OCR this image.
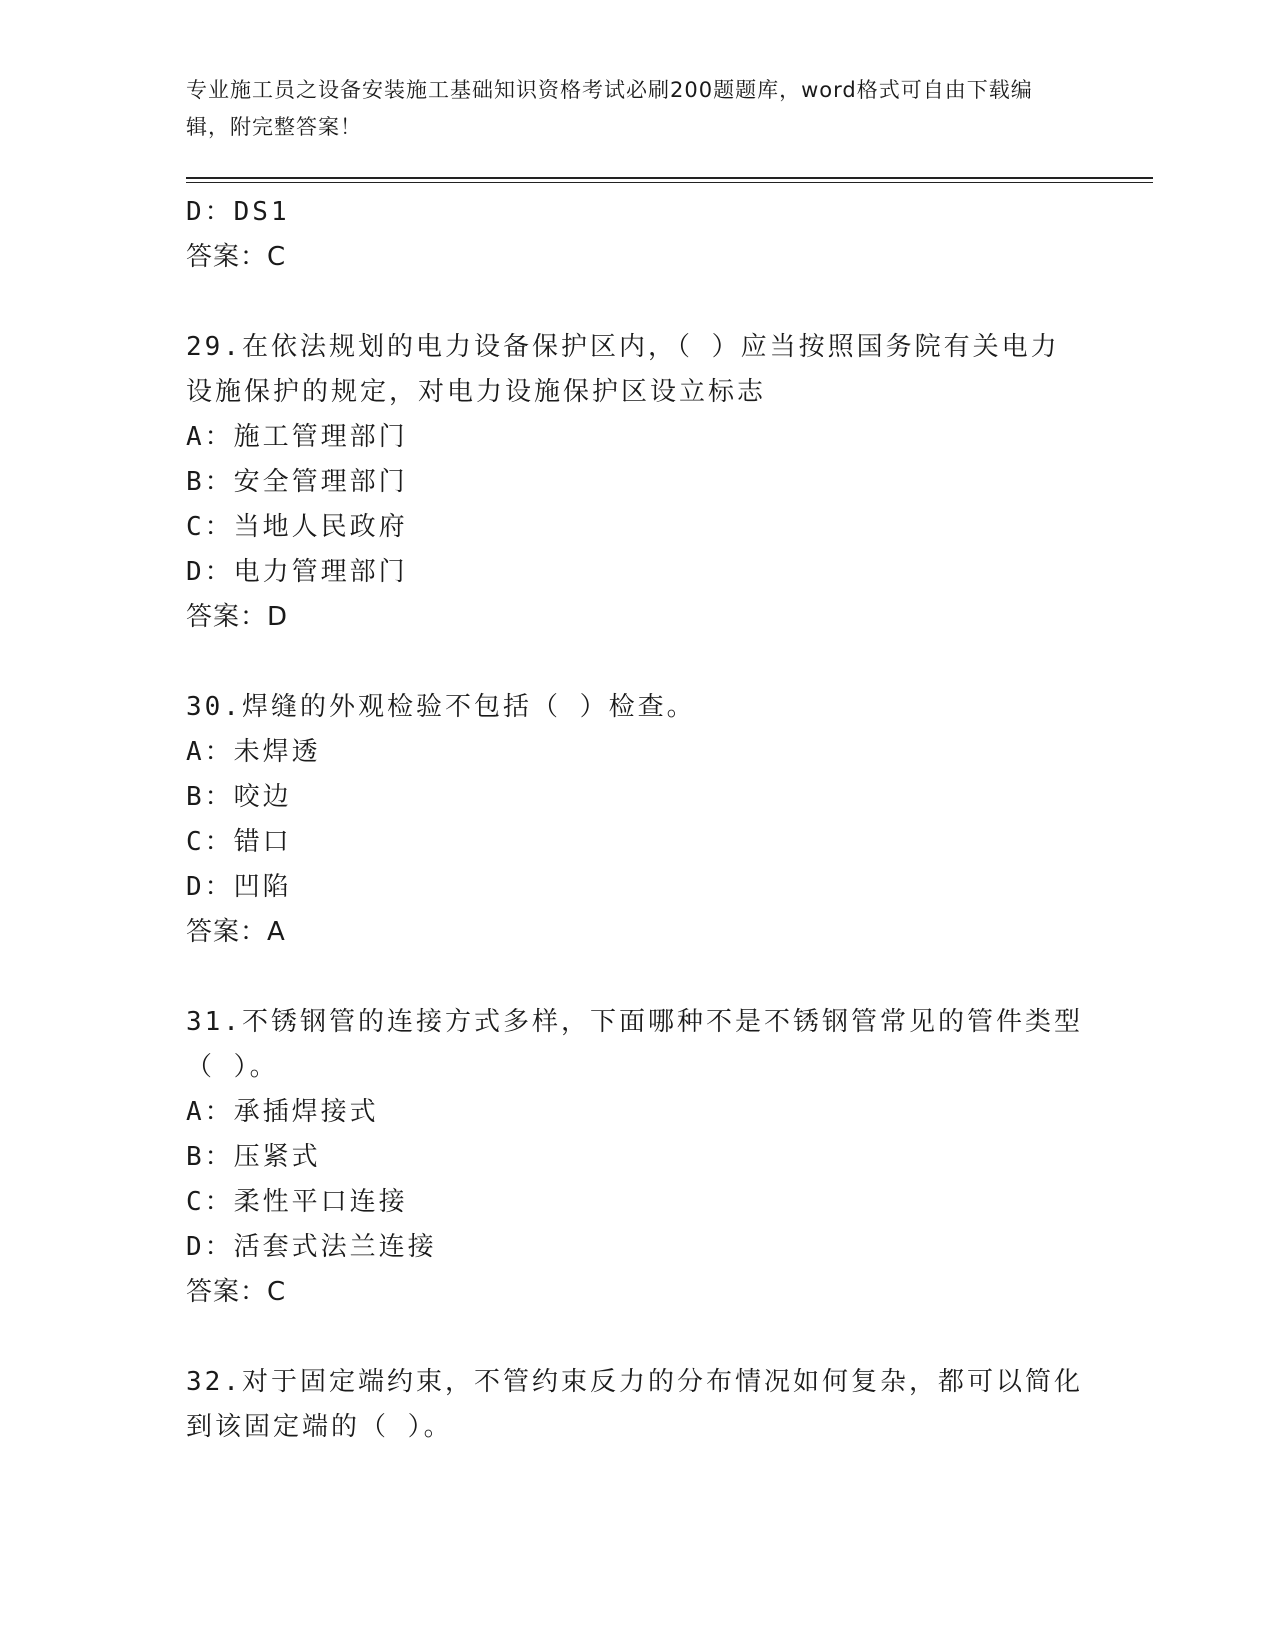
专业施工员之设备安装施工基础知识资格考试必刷200题题库，word格式可自由下载编辑，附完整答案！
D：DS1
答案：C
29.在依法规划的电力设备保护区内，（ ）应当按照国务院有关电力设施保护的规定，对电力设施保护区设立标志
A：施工管理部门
B：安全管理部门
C：当地人民政府
D：电力管理部门
答案：D
30.焊缝的外观检验不包括（ ）检查。
A：未焊透
B：咬边
C：错口
D：凹陷
答案：A
31.不锈钢管的连接方式多样，下面哪种不是不锈钢管常见的管件类型（ ）。
A：承插焊接式
B：压紧式
C：柔性平口连接
D：活套式法兰连接
答案：C
32.对于固定端约束，不管约束反力的分布情况如何复杂，都可以简化到该固定端的（ ）。
